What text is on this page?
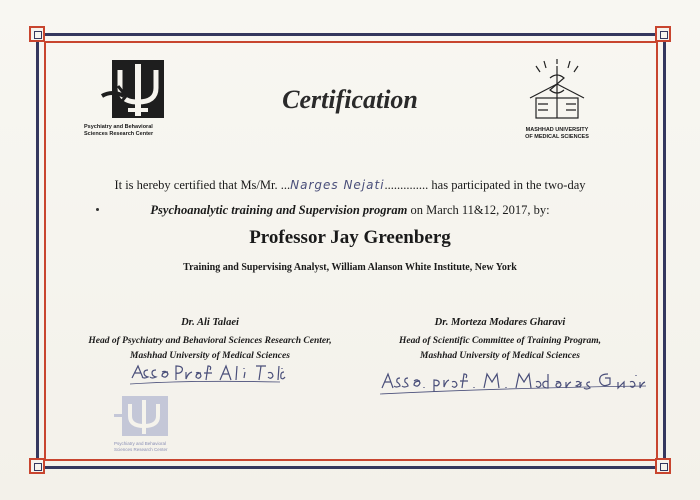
Psychiatry and Behavioral
Sciences Research Center
MASHHAD UNIVERSITY
OF MEDICAL SCIENCES
Certification
It is hereby certified that Ms/Mr. ...Narges Nejati.............. has participated in the two-day
Psychoanalytic training and Supervision program on March 11&12, 2017, by:
Professor Jay Greenberg
Training and Supervising Analyst, William Alanson White Institute, New York
Dr. Ali Talaei
Head of Psychiatry and Behavioral Sciences Research Center,
Mashhad University of Medical Sciences
Dr. Morteza Modares Gharavi
Head of Scientific Committee of Training Program,
Mashhad University of Medical Sciences
Psychiatry and Behavioral
Sciences Research Center
